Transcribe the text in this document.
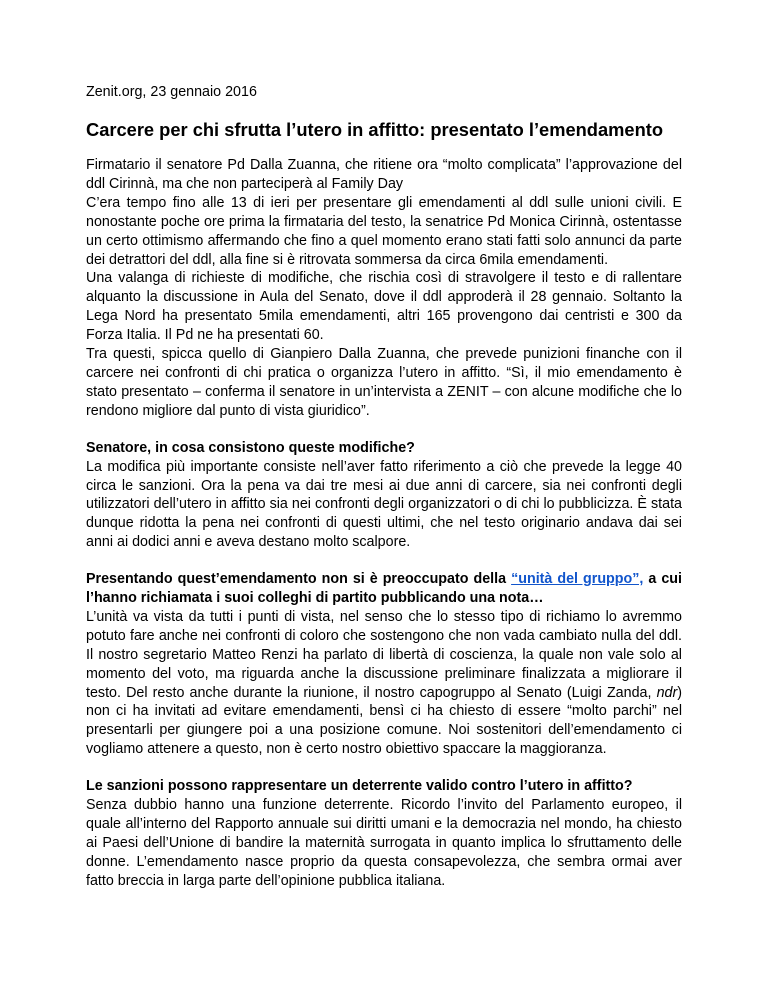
Zenit.org, 23 gennaio 2016

Carcere per chi sfrutta l’utero in affitto: presentato l’emendamento

Firmatario il senatore Pd Dalla Zuanna, che ritiene ora “molto complicata” l’approvazione del ddl Cirinnà, ma che non parteciperà al Family Day

C’era tempo fino alle 13 di ieri per presentare gli emendamenti al ddl sulle unioni civili. E nonostante poche ore prima la firmataria del testo, la senatrice Pd Monica Cirinnà, ostentasse un certo ottimismo affermando che fino a quel momento erano stati fatti solo annunci da parte dei detrattori del ddl, alla fine si è ritrovata sommersa da circa 6mila emendamenti.

Una valanga di richieste di modifiche, che rischia così di stravolgere il testo e di rallentare alquanto la discussione in Aula del Senato, dove il ddl approderà il 28 gennaio. Soltanto la Lega Nord ha presentato 5mila emendamenti, altri 165 provengono dai centristi e 300 da Forza Italia. Il Pd ne ha presentati 60.

Tra questi, spicca quello di Gianpiero Dalla Zuanna, che prevede punizioni finanche con il carcere nei confronti di chi pratica o organizza l’utero in affitto. “Sì, il mio emendamento è stato presentato – conferma il senatore in un’intervista a ZENIT – con alcune modifiche che lo rendono migliore dal punto di vista giuridico”.

Senatore, in cosa consistono queste modifiche?

La modifica più importante consiste nell’aver fatto riferimento a ciò che prevede la legge 40 circa le sanzioni. Ora la pena va dai tre mesi ai due anni di carcere, sia nei confronti degli utilizzatori dell’utero in affitto sia nei confronti degli organizzatori o di chi lo pubblicizza. È stata dunque ridotta la pena nei confronti di questi ultimi, che nel testo originario andava dai sei anni ai dodici anni e aveva destano molto scalpore.

Presentando quest’emendamento non si è preoccupato della “unità del gruppo”, a cui l’hanno richiamata i suoi colleghi di partito pubblicando una nota…

L’unità va vista da tutti i punti di vista, nel senso che lo stesso tipo di richiamo lo avremmo potuto fare anche nei confronti di coloro che sostengono che non vada cambiato nulla del ddl. Il nostro segretario Matteo Renzi ha parlato di libertà di coscienza, la quale non vale solo al momento del voto, ma riguarda anche la discussione preliminare finalizzata a migliorare il testo. Del resto anche durante la riunione, il nostro capogruppo al Senato (Luigi Zanda, ndr) non ci ha invitati ad evitare emendamenti, bensì ci ha chiesto di essere “molto parchi” nel presentarli per giungere poi a una posizione comune. Noi sostenitori dell’emendamento ci vogliamo attenere a questo, non è certo nostro obiettivo spaccare la maggioranza.

Le sanzioni possono rappresentare un deterrente valido contro l’utero in affitto?

Senza dubbio hanno una funzione deterrente. Ricordo l’invito del Parlamento europeo, il quale all’interno del Rapporto annuale sui diritti umani e la democrazia nel mondo, ha chiesto ai Paesi dell’Unione di bandire la maternità surrogata in quanto implica lo sfruttamento delle donne. L’emendamento nasce proprio da questa consapevolezza, che sembra ormai aver fatto breccia in larga parte dell’opinione pubblica italiana.
